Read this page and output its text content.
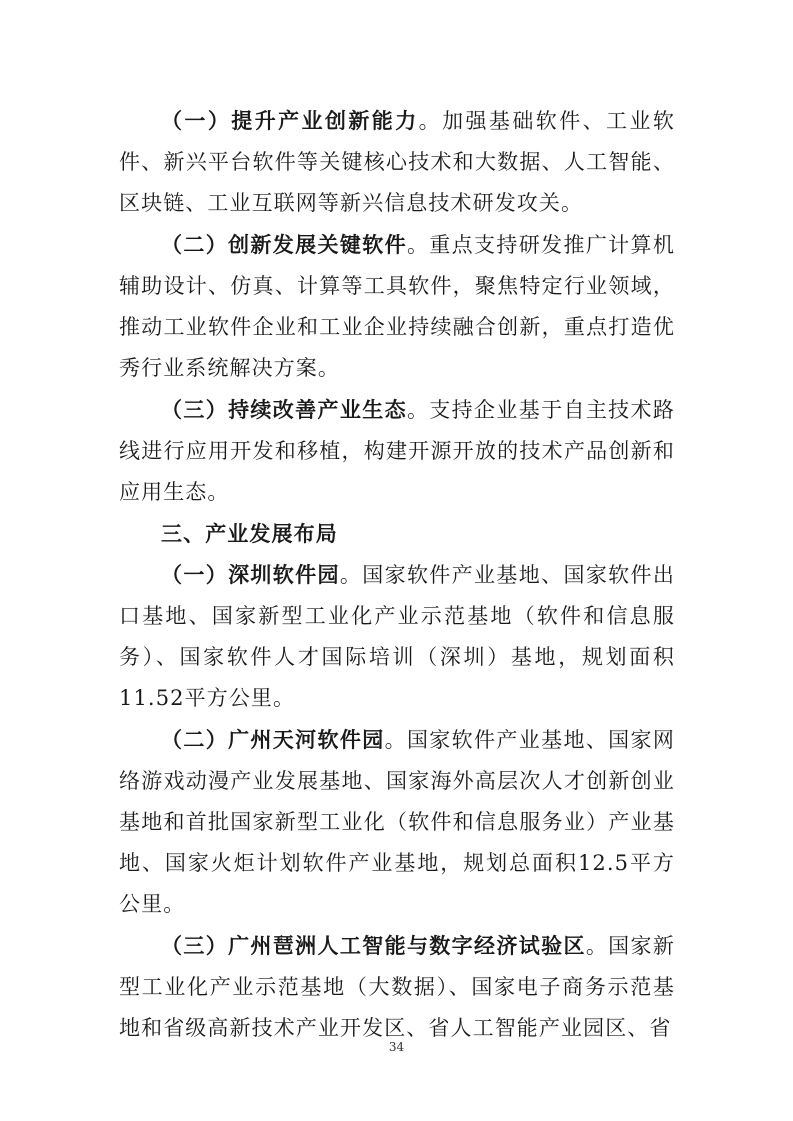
（一）提升产业创新能力。加强基础软件、工业软件、新兴平台软件等关键核心技术和大数据、人工智能、区块链、工业互联网等新兴信息技术研发攻关。

（二）创新发展关键软件。重点支持研发推广计算机辅助设计、仿真、计算等工具软件，聚焦特定行业领域，推动工业软件企业和工业企业持续融合创新，重点打造优秀行业系统解决方案。

（三）持续改善产业生态。支持企业基于自主技术路线进行应用开发和移植，构建开源开放的技术产品创新和应用生态。

三、产业发展布局

（一）深圳软件园。国家软件产业基地、国家软件出口基地、国家新型工业化产业示范基地（软件和信息服务）、国家软件人才国际培训（深圳）基地，规划面积11.52平方公里。

（二）广州天河软件园。国家软件产业基地、国家网络游戏动漫产业发展基地、国家海外高层次人才创新创业基地和首批国家新型工业化（软件和信息服务业）产业基地、国家火炬计划软件产业基地，规划总面积12.5平方公里。

（三）广州琶洲人工智能与数字经济试验区。国家新型工业化产业示范基地（大数据）、国家电子商务示范基地和省级高新技术产业开发区、省人工智能产业园区、省

34
